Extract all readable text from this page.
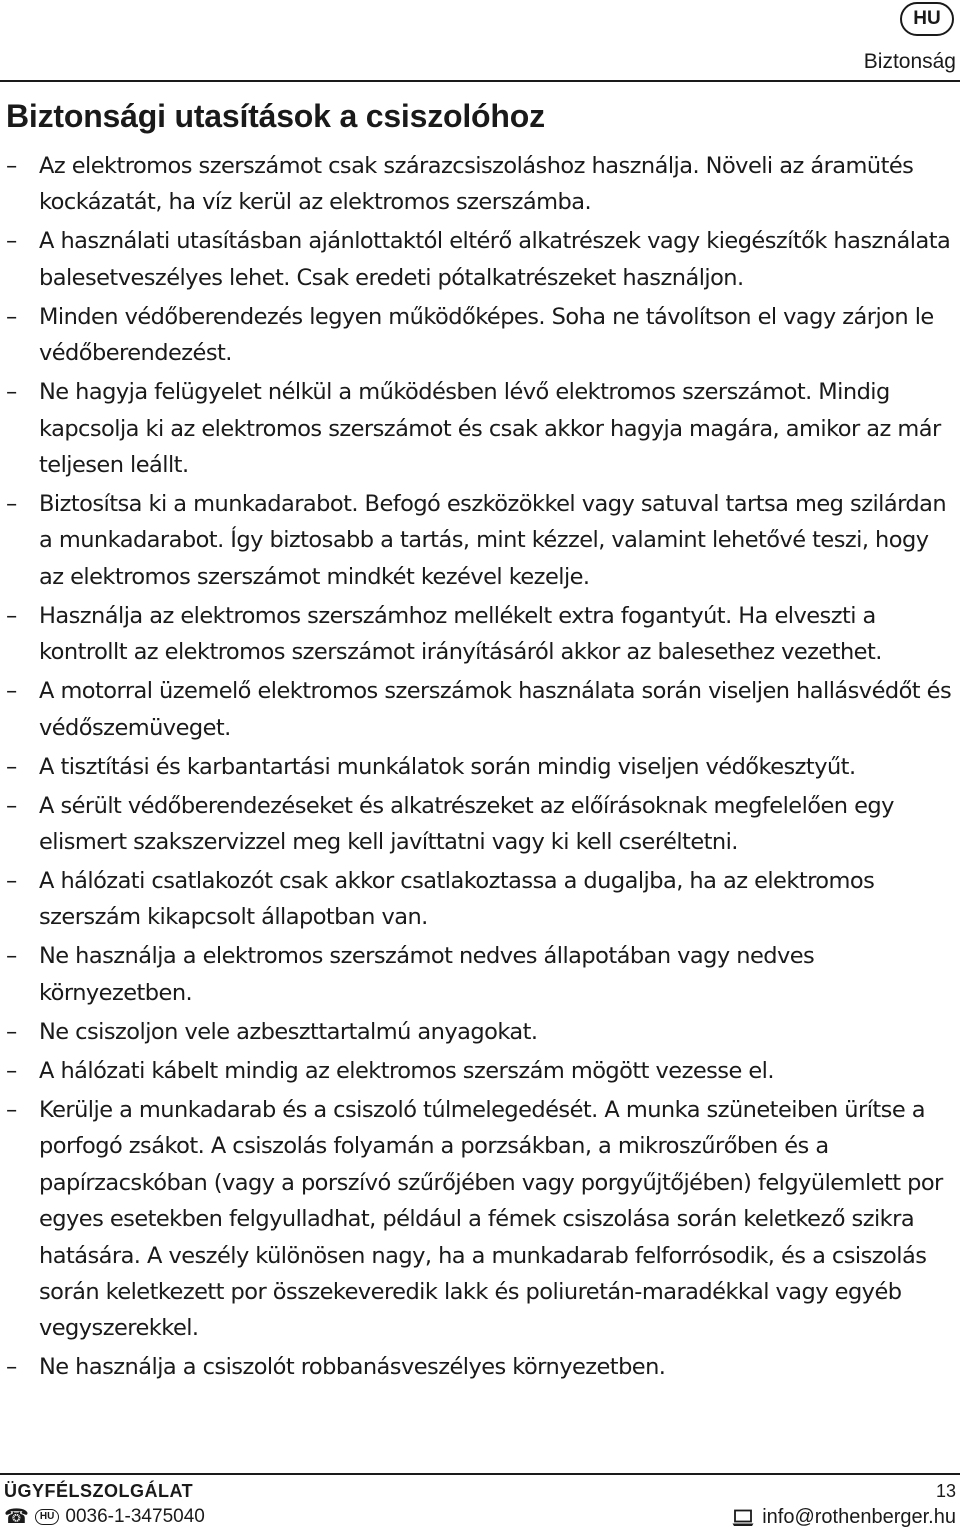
HU
Biztonság
Biztonsági utasítások a csiszolóhoz
– Az elektromos szerszámot csak szárazcsiszoláshoz használja. Növeli az áramütés kockázatát, ha víz kerül az elektromos szerszámba.
– A használati utasításban ajánlottaktól eltérő alkatrészek vagy kiegészítők használata balesetveszélyes lehet. Csak eredeti pótalkatrészeket használjon.
– Minden védőberendezés legyen működőképes. Soha ne távolítson el vagy zárjon le védőberendezést.
– Ne hagyja felügyelet nélkül a működésben lévő elektromos szerszámot. Mindig kapcsolja ki az elektromos szerszámot és csak akkor hagyja magára, amikor az már teljesen leállt.
– Biztosítsa ki a munkadarabot. Befogó eszközökkel vagy satuval tartsa meg szilárdan a munkadarabot. Így biztosabb a tartás, mint kézzel, valamint lehetővé teszi, hogy az elektromos szerszámot mindkét kezével kezelje.
– Használja az elektromos szerszámhoz mellékelt extra fogantyút. Ha elveszti a kontrollt az elektromos szerszámot irányításáról akkor az balesethez vezethet.
– A motorral üzemelő elektromos szerszámok használata során viseljen hallásvédőt és védőszemüveget.
– A tisztítási és karbantartási munkálatok során mindig viseljen védőkesztyűt.
– A sérült védőberendezéseket és alkatrészeket az előírásoknak megfelelően egy elismert szakszervizzel meg kell javíttatni vagy ki kell cseréltetni.
– A hálózati csatlakozót csak akkor csatlakoztassa a dugaljba, ha az elektromos szerszám kikapcsolt állapotban van.
– Ne használja a elektromos szerszámot nedves állapotában vagy nedves környezetben.
– Ne csiszoljon vele azbeszttartalmú anyagokat.
– A hálózati kábelt mindig az elektromos szerszám mögött vezesse el.
– Kerülje a munkadarab és a csiszoló túlmelegedését. A munka szüneteiben ürítse a porfogó zsákot. A csiszolás folyamán a porzsákban, a mikroszűrőben és a papírzacskóban (vagy a porszívó szűrőjében vagy porgyűjtőjében) felgyülemlett por egyes esetekben felgyulladhat, például a fémek csiszolása során keletkező szikra hatására. A veszély különösen nagy, ha a munkadarab felforrósodik, és a csiszolás során keletkezett por összekeveredik lakk és poliuretán-maradékkal vagy egyéb vegyszerekkel.
– Ne használja a csiszolót robbanásveszélyes környezetben.
ÜGYFÉLSZOLGÁLAT
☎	HU 0036-1-3475040
13
info@rothenberger.hu
